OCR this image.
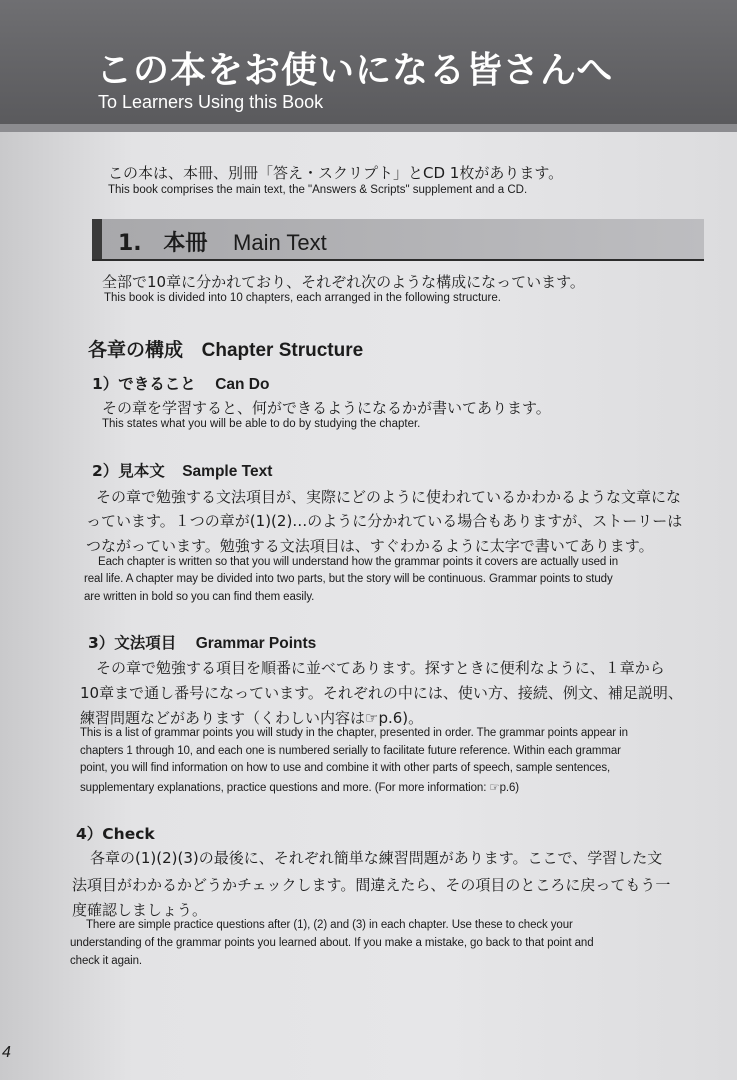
この本をお使いになる皆さんへ
To Learners Using this Book
この本は、本冊、別冊「答え・スクリプト」とCD 1枚があります。
This book comprises the main text, the "Answers & Scripts" supplement and a CD.
1. 本冊 Main Text
全部で10章に分かれており、それぞれ次のような構成になっています。
This book is divided into 10 chapters, each arranged in the following structure.
各章の構成 Chapter Structure
1）できること Can Do
その章を学習すると、何ができるようになるかが書いてあります。
This states what you will be able to do by studying the chapter.
2）見本文 Sample Text
その章で勉強する文法項目が、実際にどのように使われているかわかるような文章にな
っています。１つの章が(1)(2)…のように分かれている場合もありますが、ストーリーは
つながっています。勉強する文法項目は、すぐわかるように太字で書いてあります。
Each chapter is written so that you will understand how the grammar points it covers are actually used in
real life. A chapter may be divided into two parts, but the story will be continuous. Grammar points to study
are written in bold so you can find them easily.
3）文法項目 Grammar Points
その章で勉強する項目を順番に並べてあります。探すときに便利なように、１章から
10章まで通し番号になっています。それぞれの中には、使い方、接続、例文、補足説明、
練習問題などがあります（くわしい内容は☞p.6)。
This is a list of grammar points you will study in the chapter, presented in order. The grammar points appear in
chapters 1 through 10, and each one is numbered serially to facilitate future reference. Within each grammar
point, you will find information on how to use and combine it with other parts of speech, sample sentences,
supplementary explanations, practice questions and more. (For more information: ☞p.6)
4）Check
各章の(1)(2)(3)の最後に、それぞれ簡単な練習問題があります。ここで、学習した文
法項目がわかるかどうかチェックします。間違えたら、その項目のところに戻ってもう一
度確認しましょう。
There are simple practice questions after (1), (2) and (3) in each chapter. Use these to check your
understanding of the grammar points you learned about. If you make a mistake, go back to that point and
check it again.
4
